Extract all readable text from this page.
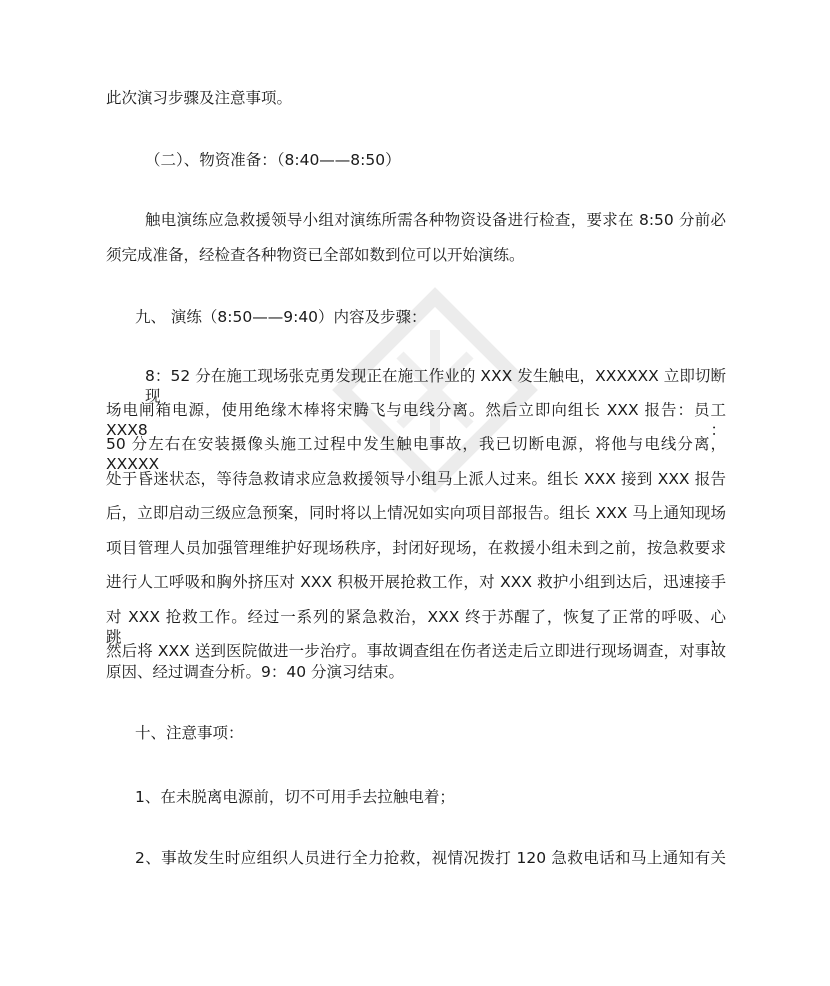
此次演习步骤及注意事项。
（二）、物资准备：（8:40——8:50）
触电演练应急救援领导小组对演练所需各种物资设备进行检查，要求在 8:50 分前必
须完成准备，经检查各种物资已全部如数到位可以开始演练。
九、 演练（8:50——9:40）内容及步骤：
8：52 分在施工现场张克勇发现正在施工作业的 XXX 发生触电，XXXXXX 立即切断现
场电闸箱电源，使用绝缘木棒将宋腾飞与电线分离。然后立即向组长 XXX 报告：员工 XXX8：
50 分左右在安装摄像头施工过程中发生触电事故，我已切断电源，将他与电线分离，XXXXX
处于昏迷状态，等待急救请求应急救援领导小组马上派人过来。组长 XXX 接到 XXX 报告
后，立即启动三级应急预案，同时将以上情况如实向项目部报告。组长 XXX 马上通知现场
项目管理人员加强管理维护好现场秩序，封闭好现场，在救援小组未到之前，按急救要求
进行人工呼吸和胸外挤压对 XXX 积极开展抢救工作，对 XXX 救护小组到达后，迅速接手
对 XXX 抢救工作。经过一系列的紧急救治，XXX 终于苏醒了，恢复了正常的呼吸、心跳，
然后将 XXX 送到医院做进一步治疗。事故调查组在伤者送走后立即进行现场调查，对事故
原因、经过调查分析。9：40 分演习结束。
十、注意事项：
1、在未脱离电源前，切不可用手去拉触电着；
2、事故发生时应组织人员进行全力抢救，视情况拨打 120 急救电话和马上通知有关
